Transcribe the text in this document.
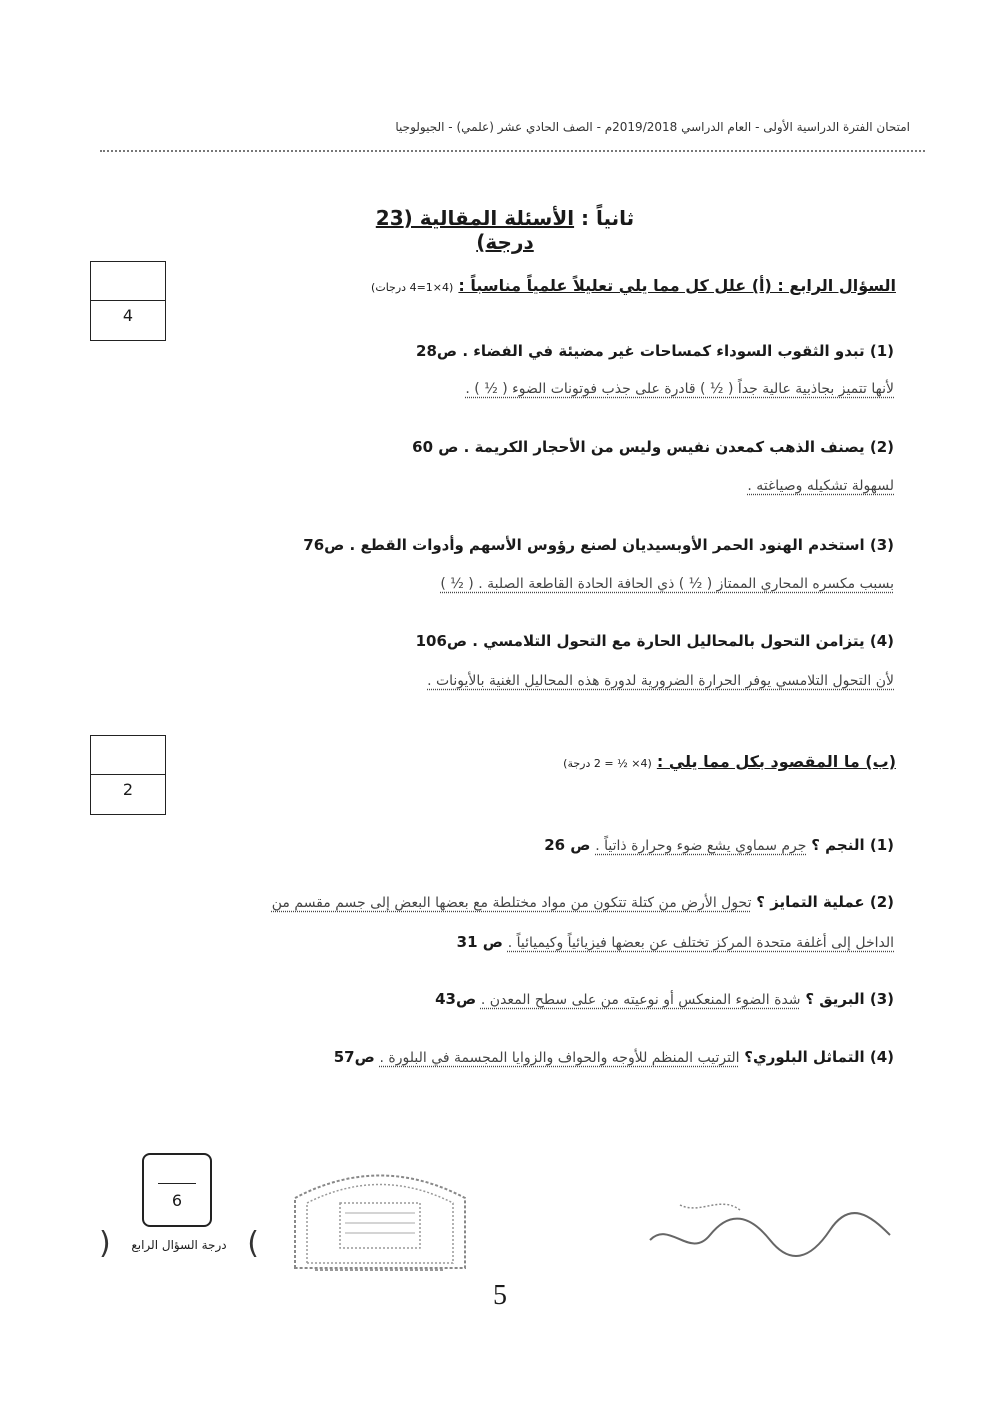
امتحان الفترة الدراسية الأولى - العام الدراسي 2019/2018م - الصف الحادي عشر (علمي) - الجيولوجيا
ثانياً : الأسئلة المقالية (23 درجة)
4
السؤال الرابع : (أ) علل كل مما يلي تعليلاً علمياً مناسباً : (4×1=4 درجات)
(1) تبدو الثقوب السوداء كمساحات غير مضيئة في الفضاء . ص28
لأنها تتميز بجاذبية عالية جداً ( ½ ) قادرة على جذب فوتونات الضوء ( ½ ) .
(2) يصنف الذهب كمعدن نفيس وليس من الأحجار الكريمة . ص 60
لسهولة تشكيله وصياغته .
(3) استخدم الهنود الحمر الأوبسيديان لصنع رؤوس الأسهم وأدوات القطع . ص76
بسبب مكسره المحاري الممتاز ( ½ ) ذي الحافة الحادة القاطعة الصلبة . ( ½ )
(4) يتزامن التحول بالمحاليل الحارة مع التحول التلامسي . ص106
لأن التحول التلامسي يوفر الحرارة الضرورية لدورة هذه المحاليل الغنية بالأيونات .
2
(ب) ما المقصود بكل مما يلي : (4× ½ = 2 درجة)
(1) النجم ؟ جرم سماوي يشع ضوء وحرارة ذاتياً . ص 26
(2) عملية التمايز ؟ تحول الأرض من كتلة تتكون من مواد مختلطة مع بعضها البعض إلى جسم مقسم من
الداخل إلى أغلفة متحدة المركز تختلف عن بعضها فيزيائياً وكيميائياً . ص 31
(3) البريق ؟ شدة الضوء المنعكس أو نوعيته من على سطح المعدن . ص43
(4) التماثل البلوري؟ الترتيب المنظم للأوجه والحواف والزوايا المجسمة في البلورة . ص57
6
( درجة السؤال الرابع )
5
